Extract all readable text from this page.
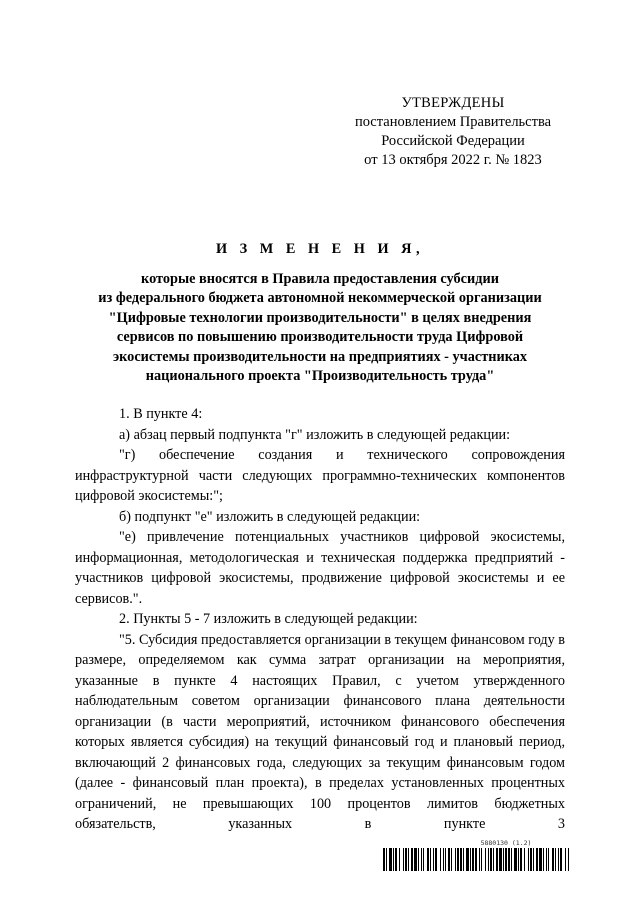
УТВЕРЖДЕНЫ
постановлением Правительства
Российской Федерации
от 13 октября 2022 г. № 1823
И З М Е Н Е Н И Я,
которые вносятся в Правила предоставления субсидии
из федерального бюджета автономной некоммерческой организации
"Цифровые технологии производительности" в целях внедрения
сервисов по повышению производительности труда Цифровой
экосистемы производительности на предприятиях - участниках
национального проекта "Производительность труда"

1. В пункте 4:

а) абзац первый подпункта "г" изложить в следующей редакции:

"г) обеспечение создания и технического сопровождения инфраструктурной части следующих программно-технических компонентов цифровой экосистемы:";

б) подпункт "е" изложить в следующей редакции:

"е) привлечение потенциальных участников цифровой экосистемы, информационная, методологическая и техническая поддержка предприятий - участников цифровой экосистемы, продвижение цифровой экосистемы и ее сервисов.".

2. Пункты 5 - 7 изложить в следующей редакции:

"5. Субсидия предоставляется организации в текущем финансовом году в размере, определяемом как сумма затрат организации на мероприятия, указанные в пункте 4 настоящих Правил, с учетом утвержденного наблюдательным советом организации финансового плана деятельности организации (в части мероприятий, источником финансового обеспечения которых является субсидия) на текущий финансовый год и плановый период, включающий 2 финансовых года, следующих за текущим финансовым годом (далее - финансовый план проекта), в пределах установленных процентных ограничений, не превышающих 100 процентов лимитов бюджетных обязательств, указанных в пункте 3

5880130 (1.2)
